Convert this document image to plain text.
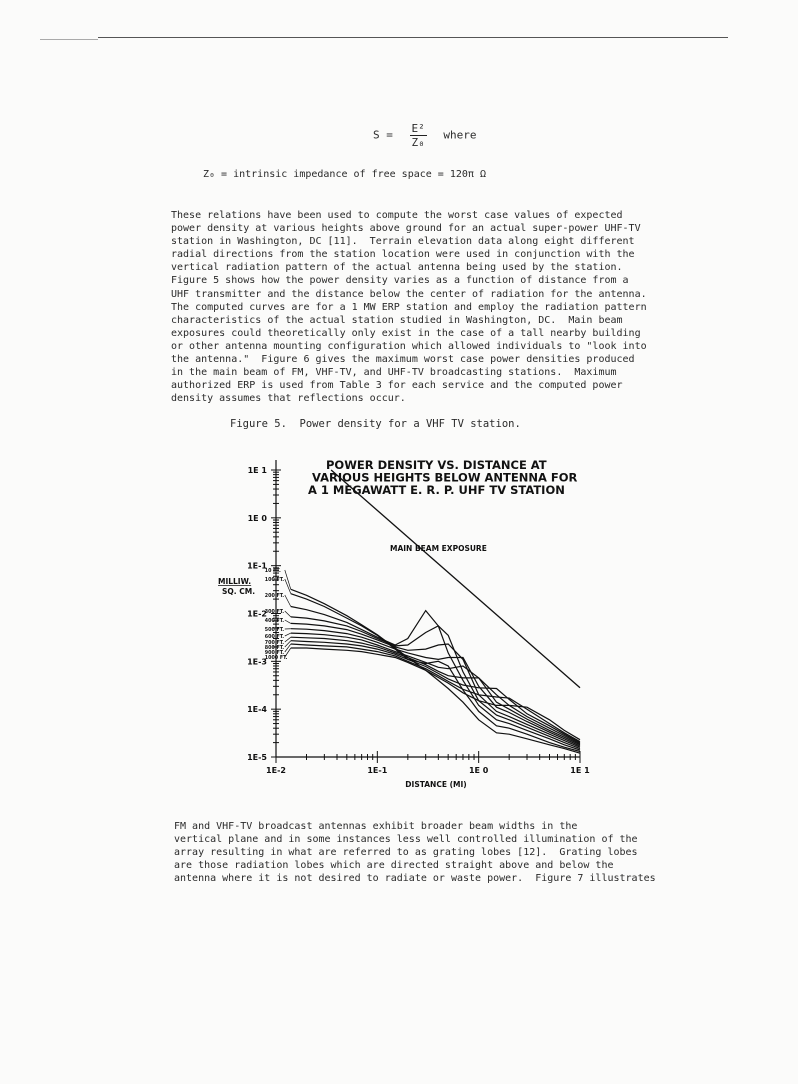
$S = \frac{\text{E²}}{\text{Z₀}}$ where
Z₀ = intrinsic impedance of free space = 120π Ω
These relations have been used to compute the worst case values of expected
power density at various heights above ground for an actual super-power UHF-TV
station in Washington, DC [11].  Terrain elevation data along eight different
radial directions from the station location were used in conjunction with the
vertical radiation pattern of the actual antenna being used by the station.
Figure 5 shows how the power density varies as a function of distance from a
UHF transmitter and the distance below the center of radiation for the antenna.
The computed curves are for a 1 MW ERP station and employ the radiation pattern
characteristics of the actual station studied in Washington, DC.  Main beam
exposures could theoretically only exist in the case of a tall nearby building
or other antenna mounting configuration which allowed individuals to "look into
the antenna."  Figure 6 gives the maximum worst case power densities produced
in the main beam of FM, VHF-TV, and UHF-TV broadcasting stations.  Maximum
authorized ERP is used from Table 3 for each service and the computed power
density assumes that reflections occur.
Figure 5.  Power density for a VHF TV station.
1E 1
1E 0
1E-1
1E-2
1E-3
1E-4
1E-5
1E-2	1E-1	1E 0	1E 1
DISTANCE (MI)
MILLIW.
SQ. CM.
POWER DENSITY VS. DISTANCE AT
VARIOUS HEIGHTS BELOW ANTENNA FOR
A 1 MEGAWATT E. R. P. UHF TV STATION
MAIN BEAM EXPOSURE
10 FT.
100 FT.
200 FT.
300 FT.
400 FT.
500 FT.
600 FT.
700 FT.
800 FT.
900 FT.
1000 FT.
FM and VHF-TV broadcast antennas exhibit broader beam widths in the
vertical plane and in some instances less well controlled illumination of the
array resulting in what are referred to as grating lobes [12].  Grating lobes
are those radiation lobes which are directed straight above and below the
antenna where it is not desired to radiate or waste power.  Figure 7 illustrates
